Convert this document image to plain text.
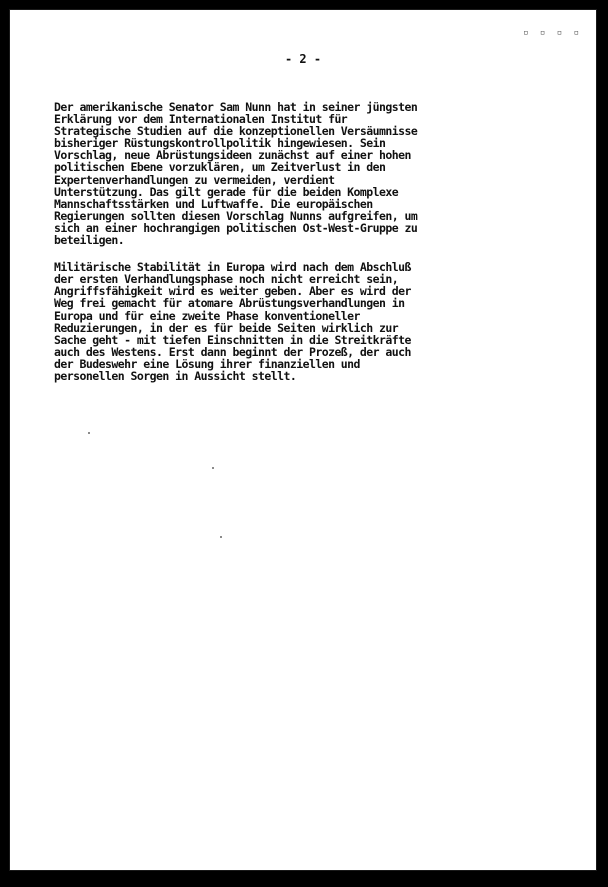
▫ ▫ ▫ ▫
- 2 -

Der amerikanische Senator Sam Nunn hat in seiner jüngsten
Erklärung vor dem Internationalen Institut für
Strategische Studien auf die konzeptionellen Versäumnisse
bisheriger Rüstungskontrollpolitik hingewiesen. Sein
Vorschlag, neue Abrüstungsideen zunächst auf einer hohen
politischen Ebene vorzuklären, um Zeitverlust in den
Expertenverhandlungen zu vermeiden, verdient
Unterstützung. Das gilt gerade für die beiden Komplexe
Mannschaftsstärken und Luftwaffe. Die europäischen
Regierungen sollten diesen Vorschlag Nunns aufgreifen, um
sich an einer hochrangigen politischen Ost-West-Gruppe zu
beteiligen.

Militärische Stabilität in Europa wird nach dem Abschluß
der ersten Verhandlungsphase noch nicht erreicht sein,
Angriffsfähigkeit wird es weiter geben. Aber es wird der
Weg frei gemacht für atomare Abrüstungsverhandlungen in
Europa und für eine zweite Phase konventioneller
Reduzierungen, in der es für beide Seiten wirklich zur
Sache geht - mit tiefen Einschnitten in die Streitkräfte
auch des Westens. Erst dann beginnt der Prozeß, der auch
der Budeswehr eine Lösung ihrer finanziellen und
personellen Sorgen in Aussicht stellt.
